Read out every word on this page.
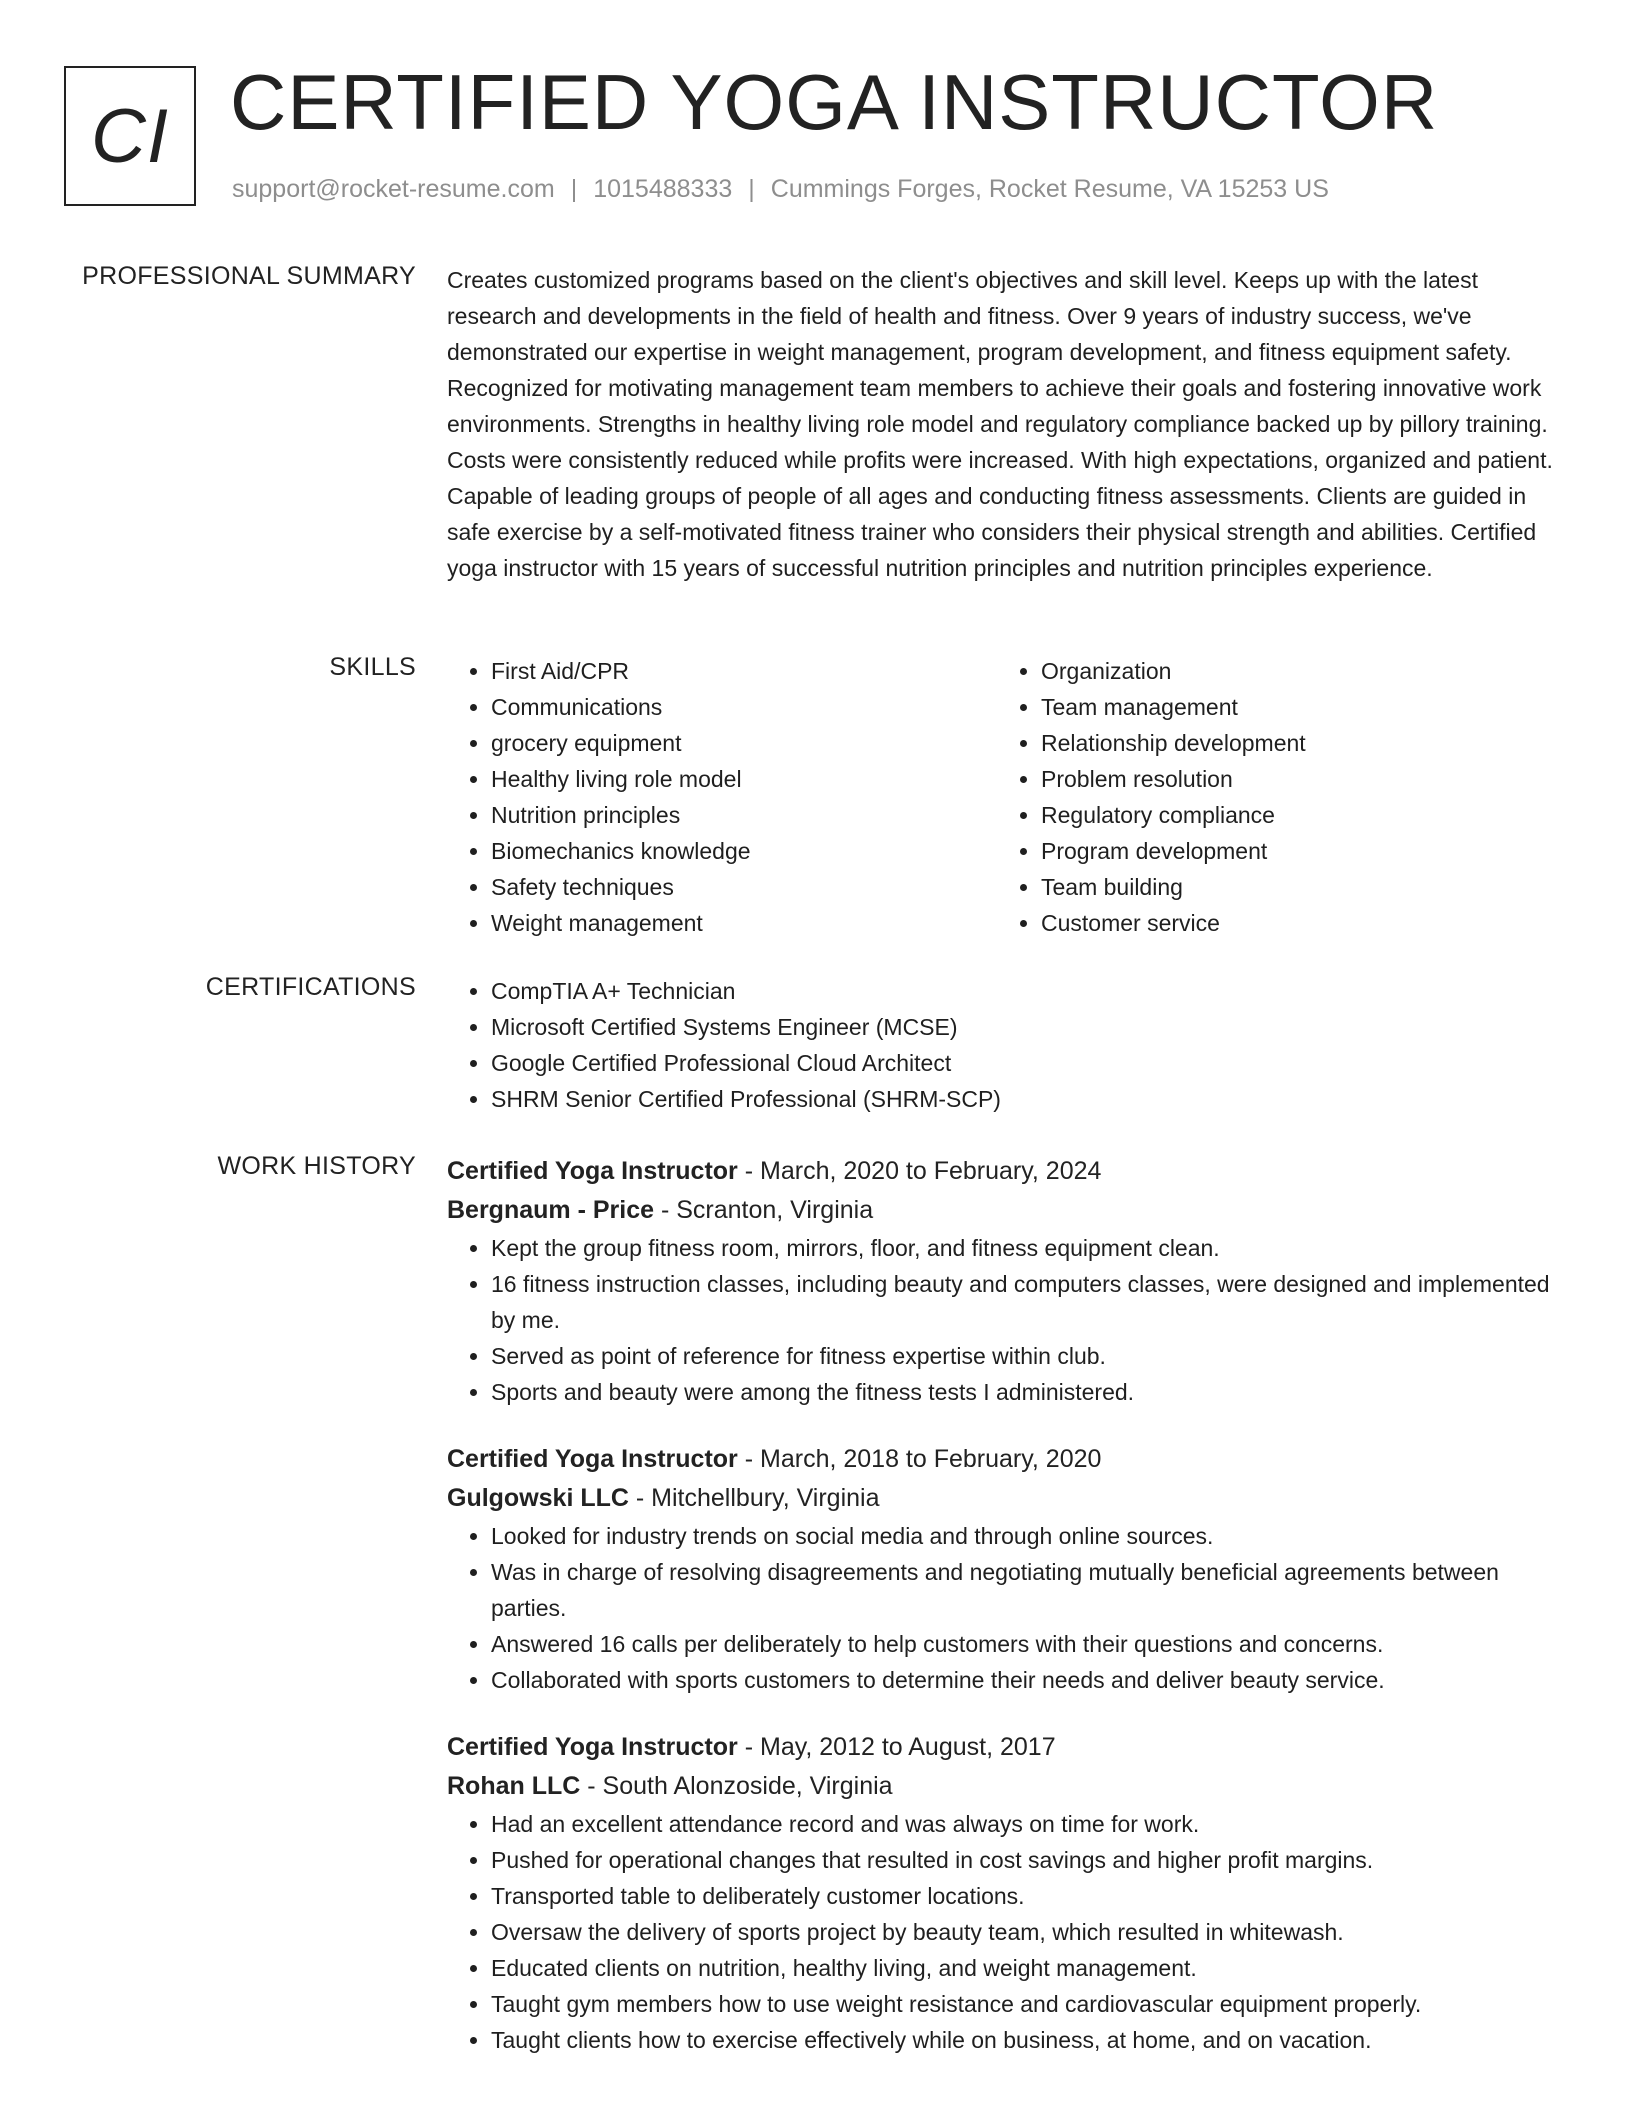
CI CERTIFIED YOGA INSTRUCTOR
support@rocket-resume.com | 1015488333 | Cummings Forges, Rocket Resume, VA 15253 US
PROFESSIONAL SUMMARY Creates customized programs based on the client's objectives and skill level. Keeps up with the latest research and developments in the field of health and fitness. Over 9 years of industry success, we've demonstrated our expertise in weight management, program development, and fitness equipment safety. Recognized for motivating management team members to achieve their goals and fostering innovative work environments. Strengths in healthy living role model and regulatory compliance backed up by pillory training. Costs were consistently reduced while profits were increased. With high expectations, organized and patient. Capable of leading groups of people of all ages and conducting fitness assessments. Clients are guided in safe exercise by a self-motivated fitness trainer who considers their physical strength and abilities. Certified yoga instructor with 15 years of successful nutrition principles and nutrition principles experience.

SKILLS	• First Aid/CPR
• Communications
• grocery equipment
• Healthy living role model
• Nutrition principles
• Biomechanics knowledge
• Safety techniques
• Weight management
• Organization
• Team management
• Relationship development
• Problem resolution
• Regulatory compliance
• Program development
• Team building
• Customer service
CERTIFICATIONS	• CompTIA A+ Technician
• Microsoft Certified Systems Engineer (MCSE)
• Google Certified Professional Cloud Architect
• SHRM Senior Certified Professional (SHRM-SCP)
WORK HISTORY Certified Yoga Instructor - March, 2020 to February, 2024
Bergnaum - Price - Scranton, Virginia
• Kept the group fitness room, mirrors, floor, and fitness equipment clean.
• 16 fitness instruction classes, including beauty and computers classes, were designed and implemented by me.
• Served as point of reference for fitness expertise within club.
• Sports and beauty were among the fitness tests I administered.
Certified Yoga Instructor - March, 2018 to February, 2020
Gulgowski LLC - Mitchellbury, Virginia
• Looked for industry trends on social media and through online sources.
• Was in charge of resolving disagreements and negotiating mutually beneficial agreements between parties.
• Answered 16 calls per deliberately to help customers with their questions and concerns.
• Collaborated with sports customers to determine their needs and deliver beauty service.
Certified Yoga Instructor - May, 2012 to August, 2017
Rohan LLC - South Alonzoside, Virginia
• Had an excellent attendance record and was always on time for work.
• Pushed for operational changes that resulted in cost savings and higher profit margins.
• Transported table to deliberately customer locations.
• Oversaw the delivery of sports project by beauty team, which resulted in whitewash.
• Educated clients on nutrition, healthy living, and weight management.
• Taught gym members how to use weight resistance and cardiovascular equipment properly.
• Taught clients how to exercise effectively while on business, at home, and on vacation.
